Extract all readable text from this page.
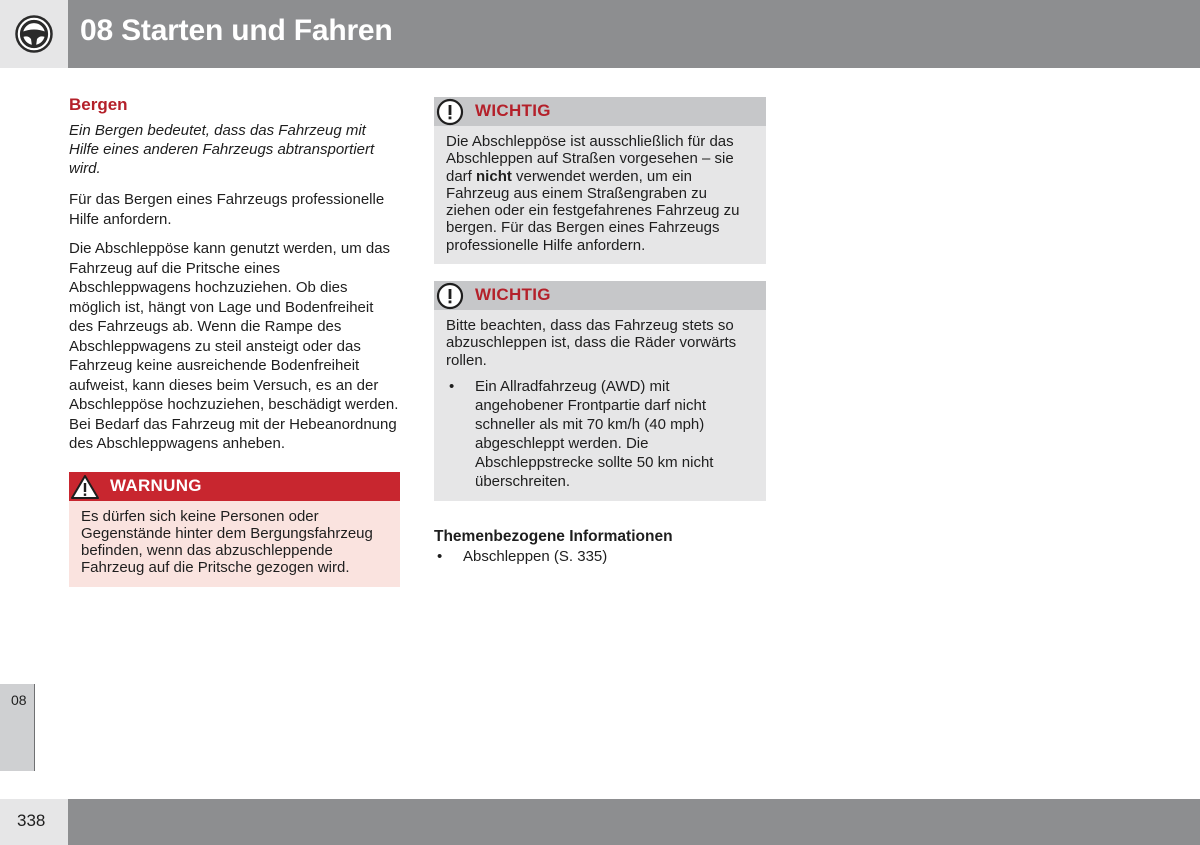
08 Starten und Fahren
Bergen

Ein Bergen bedeutet, dass das Fahrzeug mit Hilfe eines anderen Fahrzeugs abtransportiert wird.

Für das Bergen eines Fahrzeugs professionelle Hilfe anfordern.

Die Abschleppöse kann genutzt werden, um das Fahrzeug auf die Pritsche eines Abschleppwagens hochzuziehen. Ob dies möglich ist, hängt von Lage und Bodenfreiheit des Fahrzeugs ab. Wenn die Rampe des Abschleppwagens zu steil ansteigt oder das Fahrzeug keine ausreichende Bodenfreiheit aufweist, kann dieses beim Versuch, es an der Abschleppöse hochzuziehen, beschädigt werden. Bei Bedarf das Fahrzeug mit der Hebeanordnung des Abschleppwagens anheben.

WARNUNG
Es dürfen sich keine Personen oder Gegenstände hinter dem Bergungsfahrzeug befinden, wenn das abzuschleppende Fahrzeug auf die Pritsche gezogen wird.
WICHTIG
Die Abschleppöse ist ausschließlich für das Abschleppen auf Straßen vorgesehen – sie darf nicht verwendet werden, um ein Fahrzeug aus einem Straßengraben zu ziehen oder ein festgefahrenes Fahrzeug zu bergen. Für das Bergen eines Fahrzeugs professionelle Hilfe anfordern.
WICHTIG
Bitte beachten, dass das Fahrzeug stets so abzuschleppen ist, dass die Räder vorwärts rollen.
• Ein Allradfahrzeug (AWD) mit angehobener Frontpartie darf nicht schneller als mit 70 km/h (40 mph) abgeschleppt werden. Die Abschleppstrecke sollte 50 km nicht überschreiten.
Themenbezogene Informationen
• Abschleppen (S. 335)
08
338
